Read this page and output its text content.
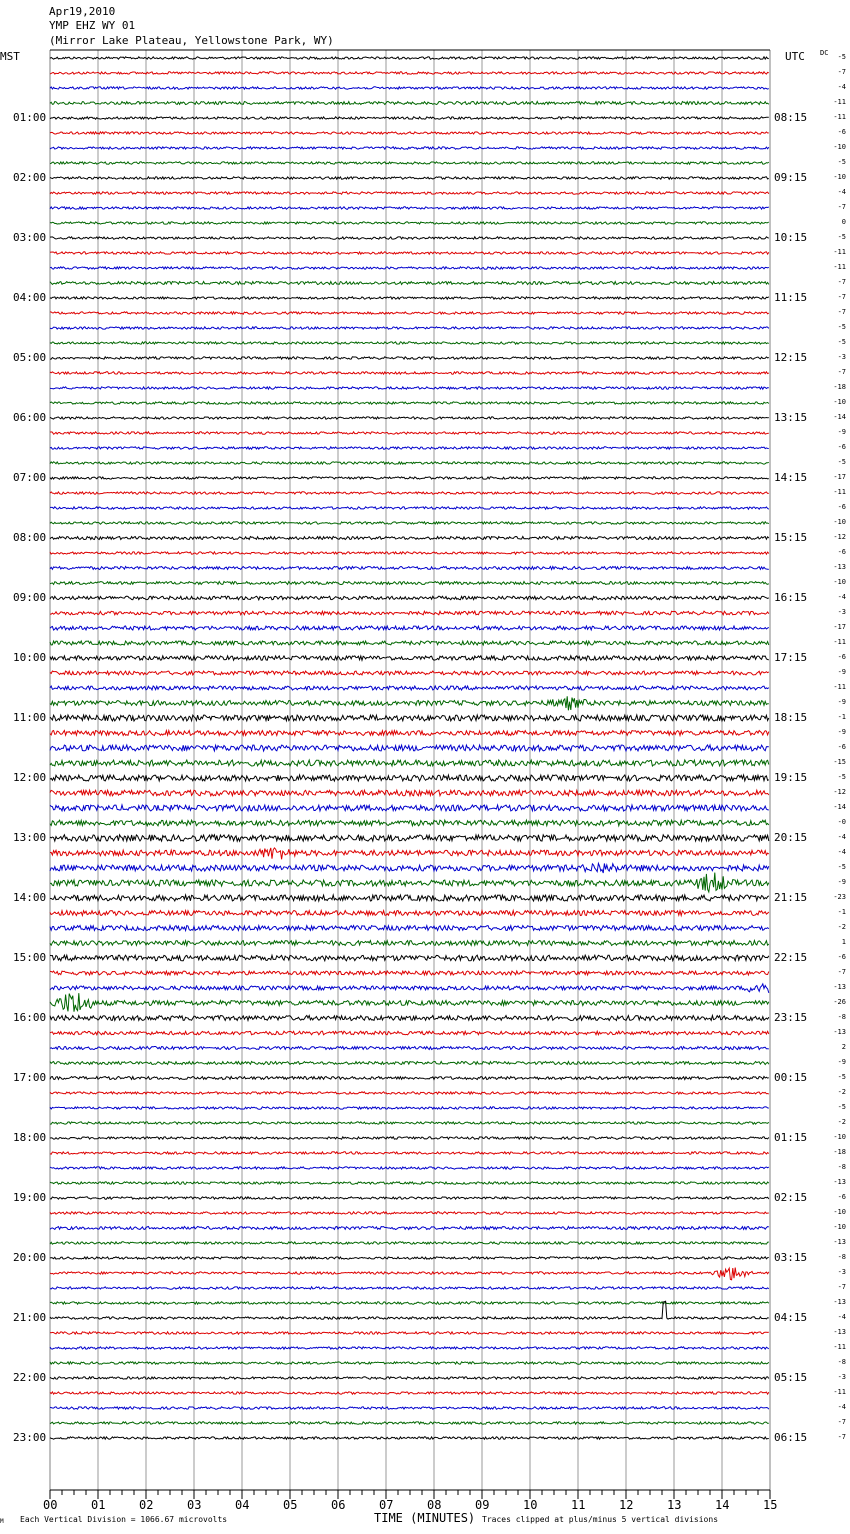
Apr19,2010
YMP EHZ WY 01
(Mirror Lake Plateau, Yellowstone Park, WY)
MST	UTC DC
01:00
02:00
03:00
04:00
05:00
06:00
07:00
08:00
09:00
10:00
11:00
12:00
13:00
14:00
15:00
16:00
17:00
18:00
19:00
20:00
21:00
22:00
23:00
08:15
09:15
10:15
11:15
12:15
13:15
14:15
15:15
16:15
17:15
18:15
19:15
20:15
21:15
22:15
23:15
00:15
01:15
02:15
03:15
04:15
05:15
06:15
-5
-7
-4
-11
-11
-6
-10
-5
-10
-4
-7
0
-5
-11
-11
-7
-7
-7
-5
-5
-3
-7
-18
-10
-14
-9
-6
-5
-17
-11
-6
-10
-12
-6
-13
-10
-4
-3
-17
-11
-6
-9
-11
-9
-1
-9
-6
-15
-5
-12
-14
-0
-4
-4
-5
-9
-23
-1
-2
1
-6
-7
-13
-26
-8
-13
2
-9
-5
-2
-5
-2
-10
-18
-8
-13
-6
-10
-10
-13
-8
-3
-7
-13
-4
-13
-11
-8
-3
-11
-4
-7
-7
00	01	02	03	04	05	06	07	08	09	10	11	12	13	14	15
M Each Vertical Division = 1066.67 microvolts	TIME (MINUTES) Traces clipped at plus/minus 5 vertical divisions
